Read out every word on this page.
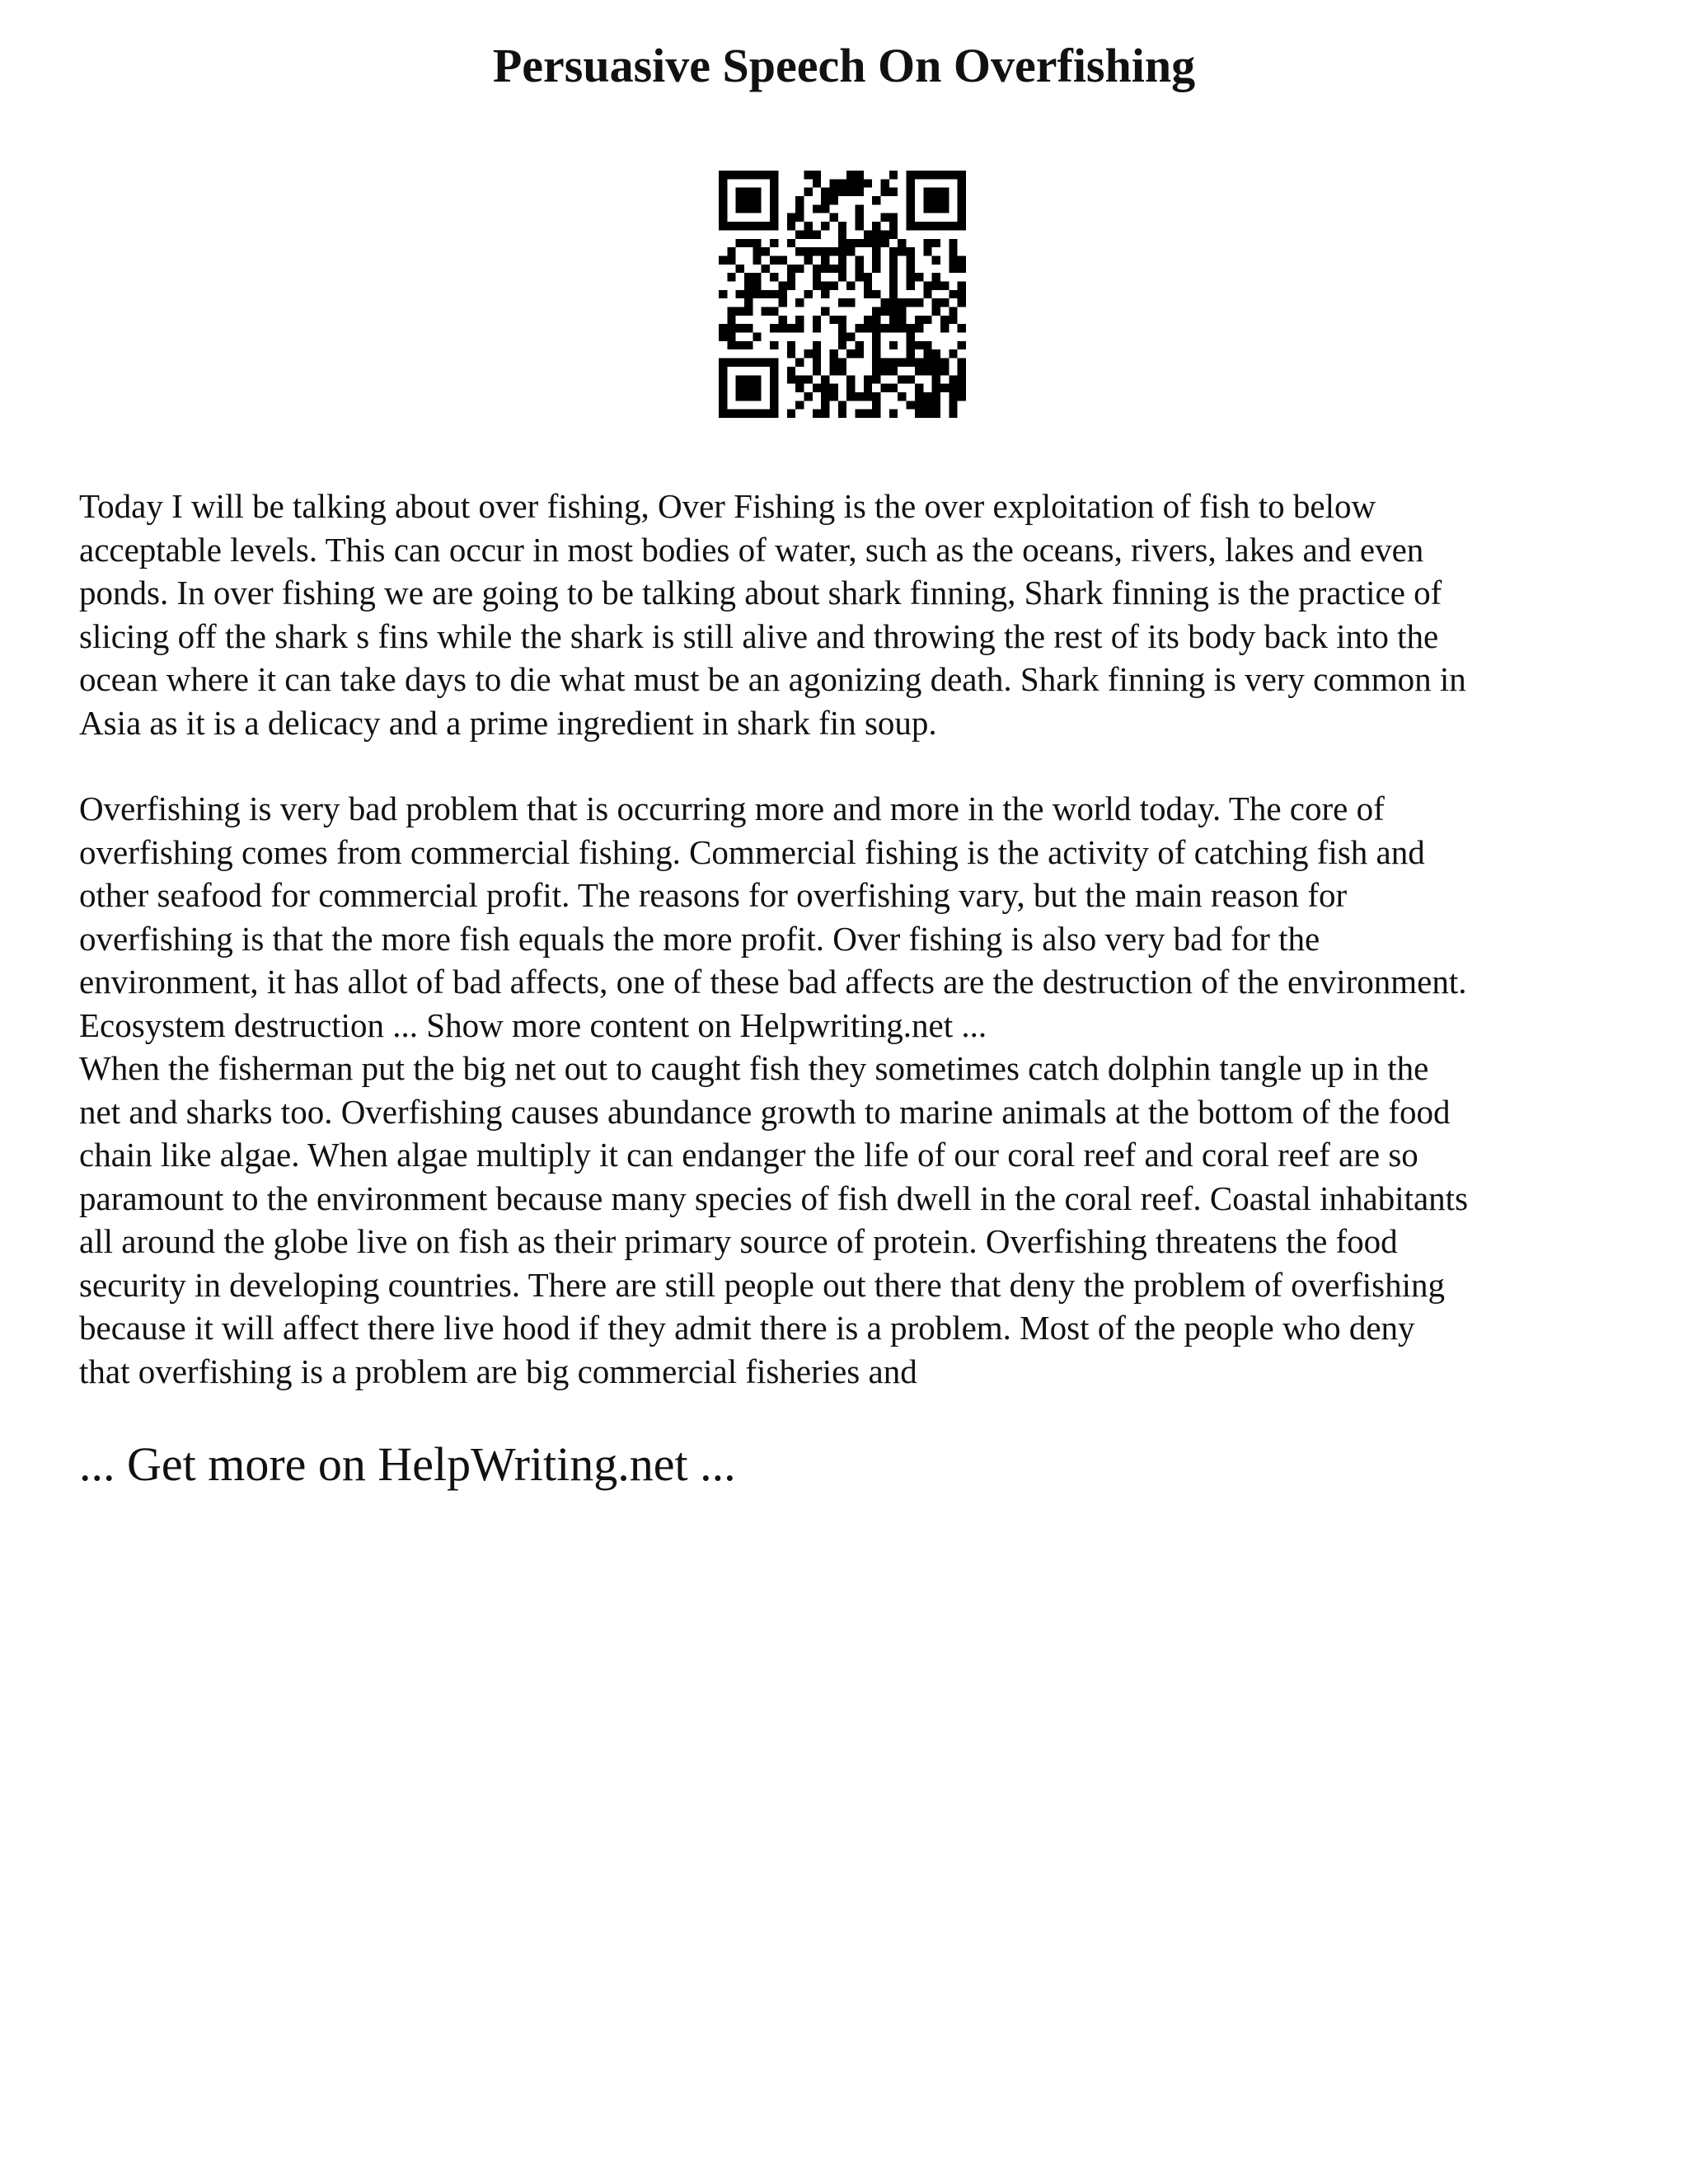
Persuasive Speech On Overfishing

Today I will be talking about over fishing, Over Fishing is the over exploitation of fish to below
acceptable levels. This can occur in most bodies of water, such as the oceans, rivers, lakes and even
ponds. In over fishing we are going to be talking about shark finning, Shark finning is the practice of
slicing off the shark s fins while the shark is still alive and throwing the rest of its body back into the
ocean where it can take days to die what must be an agonizing death. Shark finning is very common in
Asia as it is a delicacy and a prime ingredient in shark fin soup.

Overfishing is very bad problem that is occurring more and more in the world today. The core of
overfishing comes from commercial fishing. Commercial fishing is the activity of catching fish and
other seafood for commercial profit. The reasons for overfishing vary, but the main reason for
overfishing is that the more fish equals the more profit. Over fishing is also very bad for the
environment, it has allot of bad affects, one of these bad affects are the destruction of the environment.
Ecosystem destruction ... Show more content on Helpwriting.net ...

When the fisherman put the big net out to caught fish they sometimes catch dolphin tangle up in the
net and sharks too. Overfishing causes abundance growth to marine animals at the bottom of the food
chain like algae. When algae multiply it can endanger the life of our coral reef and coral reef are so
paramount to the environment because many species of fish dwell in the coral reef. Coastal inhabitants
all around the globe live on fish as their primary source of protein. Overfishing threatens the food
security in developing countries. There are still people out there that deny the problem of overfishing
because it will affect there live hood if they admit there is a problem. Most of the people who deny
that overfishing is a problem are big commercial fisheries and

... Get more on HelpWriting.net ...
